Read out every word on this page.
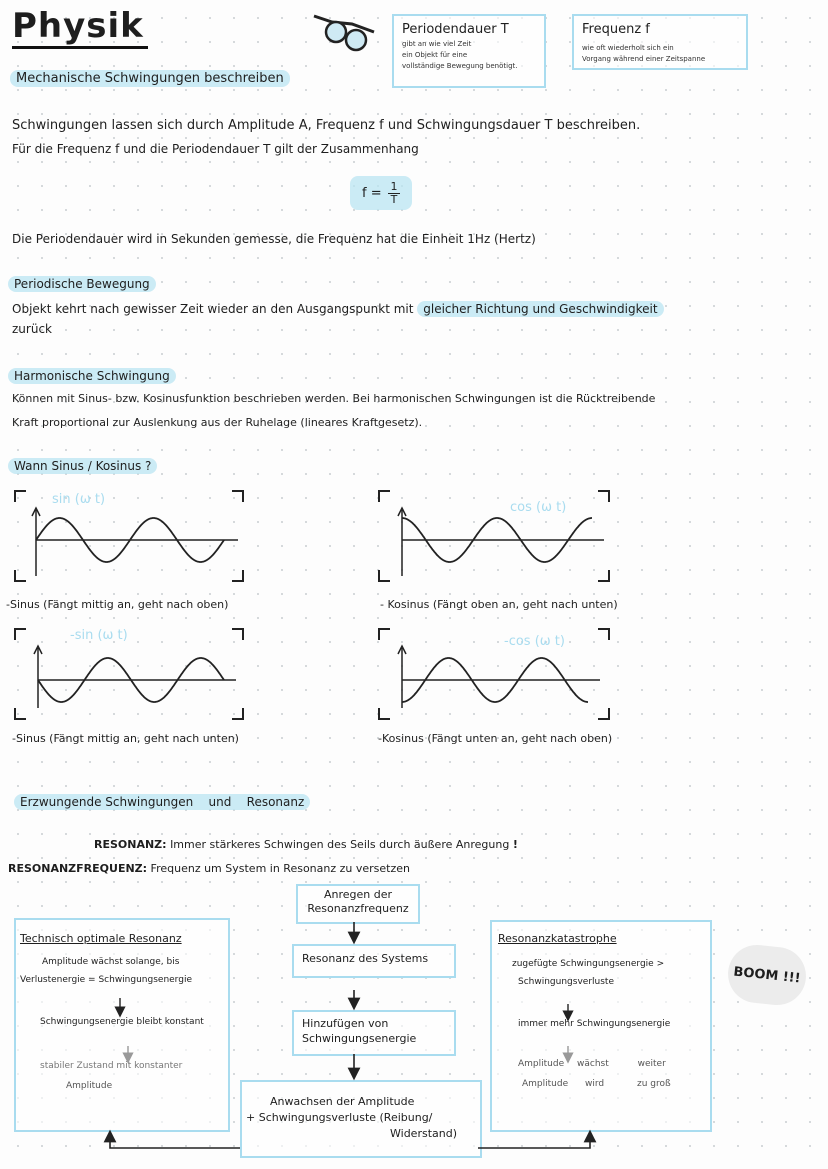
Physik	Periodendauer T
gibt an wie viel Zeit
ein Objekt für eine
vollständige Bewegung benötigt.
Frequenz f
wie oft wiederholt sich ein
Vorgang während einer Zeitspanne
Mechanische Schwingungen beschreiben
Schwingungen lassen sich durch Amplitude A, Frequenz f und Schwingungsdauer T beschreiben.
Für die Frequenz f und die Periodendauer T gilt der Zusammenhang
$f = \frac{1}{T}$
Die Periodendauer wird in Sekunden gemesse, die Frequenz hat die Einheit 1Hz (Hertz)
Periodische Bewegung
Objekt kehrt nach gewisser Zeit wieder an den Ausgangspunkt mit gleicher Richtung und Geschwindigkeit
zurück
Harmonische Schwingung
Können mit Sinus- bzw. Kosinusfunktion beschrieben werden. Bei harmonischen Schwingungen ist die Rücktreibende
Kraft proportional zur Auslenkung aus der Ruhelage (lineares Kraftgesetz).
Wann Sinus / Kosinus ?
sin (ω t)
-Sinus (Fängt mittig an, geht nach oben)
cos (ω t)
- Kosinus (Fängt oben an, geht nach unten)
-sin (ω t)
-Sinus (Fängt mittig an, geht nach unten)
-cos (ω t)
-Kosinus (Fängt unten an, geht nach oben)
Erzwungende Schwingungen und Resonanz
RESONANZ: Immer stärkeres Schwingen des Seils durch äußere Anregung !
RESONANZFREQUENZ: Frequenz um System in Resonanz zu versetzen
Anregen der
Resonanzfrequenz
Resonanz des Systems
Hinzufügen von
Schwingungsenergie
Anwachsen der Amplitude
+ Schwingungsverluste (Reibung/
Widerstand)
Technisch optimale Resonanz
Amplitude wächst solange, bis
Verlustenergie = Schwingungsenergie
Schwingungsenergie bleibt konstant
stabiler Zustand mit konstanter
Amplitude
Resonanzkatastrophe
zugefügte Schwingungsenergie >
Schwingungsverluste
immer mehr Schwingungsenergie
Amplitude wächst	weiter
Amplitude wird	zu groß
BOOM !!!
